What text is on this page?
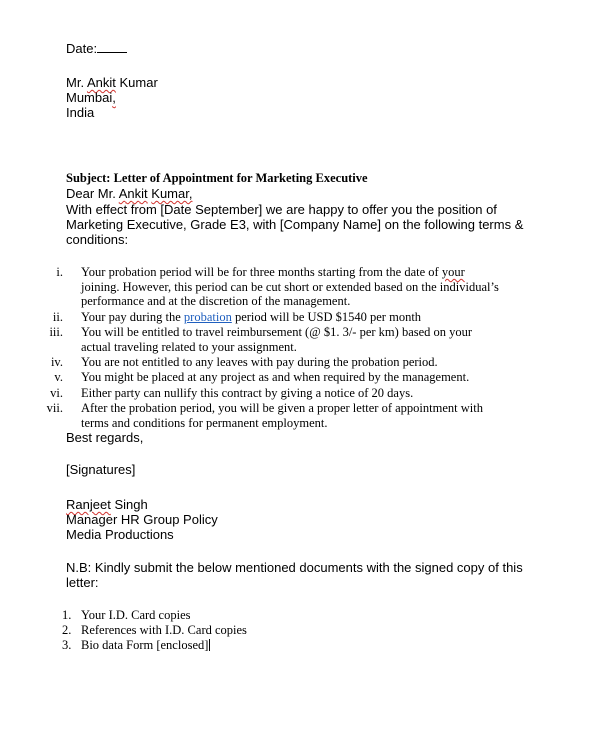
Date:
Mr. Ankit Kumar
Mumbai,
India
Subject: Letter of Appointment for Marketing Executive
Dear Mr. Ankit Kumar,
With effect from [Date September] we are happy to offer you the position of
Marketing Executive, Grade E3, with [Company Name] on the following terms &
conditions:
i. Your probation period will be for three months starting from the date of your
joining. However, this period can be cut short or extended based on the individual’s
performance and at the discretion of the management.
ii. Your pay during the probation period will be USD $1540 per month
iii. You will be entitled to travel reimbursement (@ $1. 3/- per km) based on your
actual traveling related to your assignment.
iv. You are not entitled to any leaves with pay during the probation period.
v. You might be placed at any project as and when required by the management.
vi. Either party can nullify this contract by giving a notice of 20 days.
vii. After the probation period, you will be given a proper letter of appointment with
terms and conditions for permanent employment.
Best regards,
[Signatures]
Ranjeet Singh
Manager HR Group Policy
Media Productions
N.B: Kindly submit the below mentioned documents with the signed copy of this
letter:
1. Your I.D. Card copies
2. References with I.D. Card copies
3. Bio data Form [enclosed]
